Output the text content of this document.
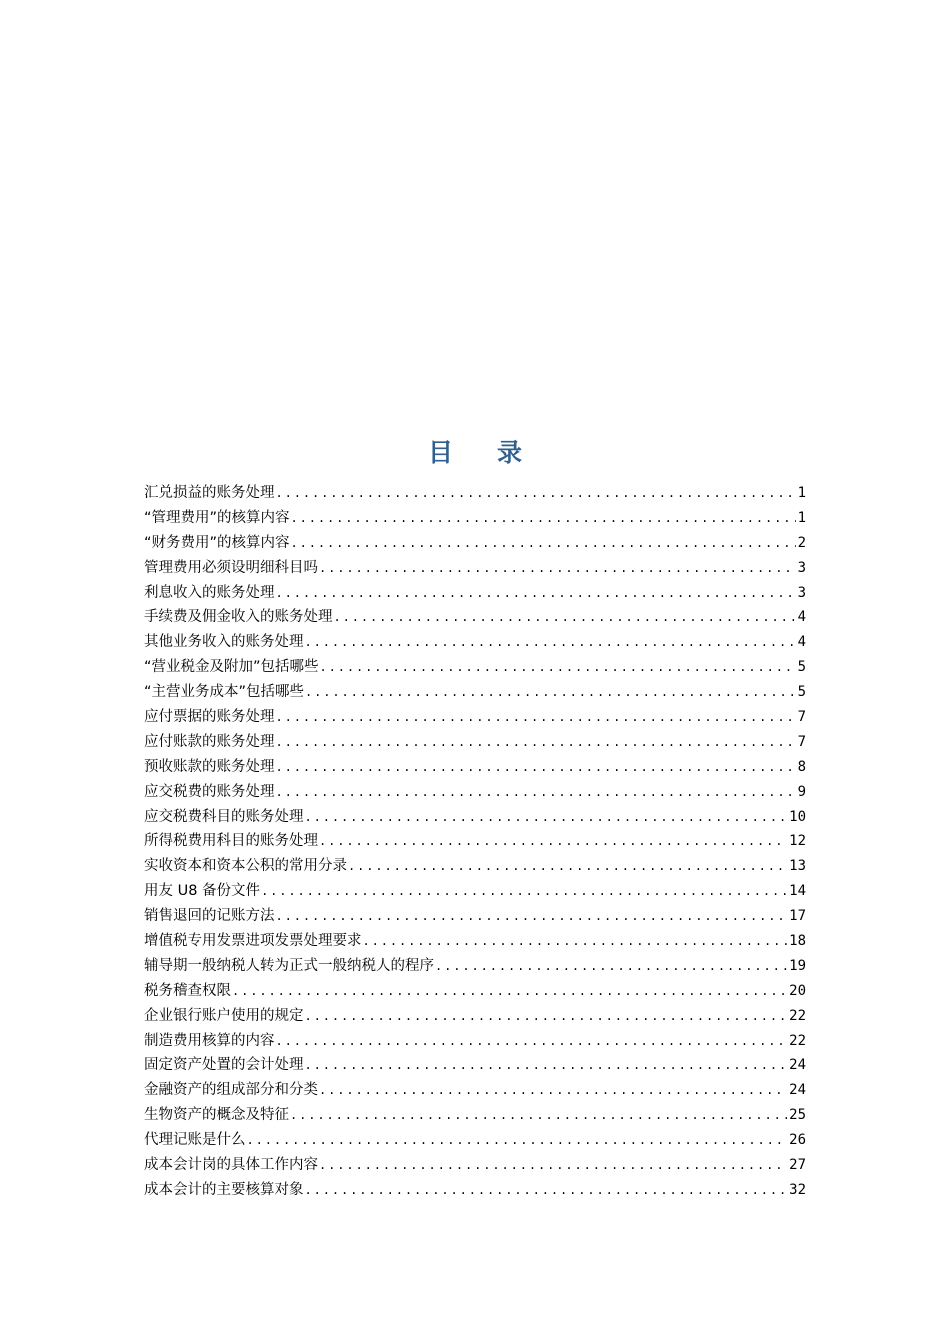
目 录
汇兑损益的账务处理 .....	1
“管理费用”的核算内容 .....	1
“财务费用”的核算内容 .....	2
管理费用必须设明细科目吗 .....	3
利息收入的账务处理 .....	3
手续费及佣金收入的账务处理 .....	4
其他业务收入的账务处理 .....	4
“营业税金及附加”包括哪些 .....	5
“主营业务成本”包括哪些 .....	5
应付票据的账务处理 .....	7
应付账款的账务处理 .....	7
预收账款的账务处理 .....	8
应交税费的账务处理 .....	9
应交税费科目的账务处理 .....	10
所得税费用科目的账务处理 .....	12
实收资本和资本公积的常用分录 .....	13
用友 U8 备份文件 .....	14
销售退回的记账方法 .....	17
增值税专用发票进项发票处理要求 .....	18
辅导期一般纳税人转为正式一般纳税人的程序 .....	19
税务稽查权限 .....	20
企业银行账户使用的规定 .....	22
制造费用核算的内容 .....	22
固定资产处置的会计处理 .....	24
金融资产的组成部分和分类 .....	24
生物资产的概念及特征 .....	25
代理记账是什么 .....	26
成本会计岗的具体工作内容 .....	27
成本会计的主要核算对象 .....	32
